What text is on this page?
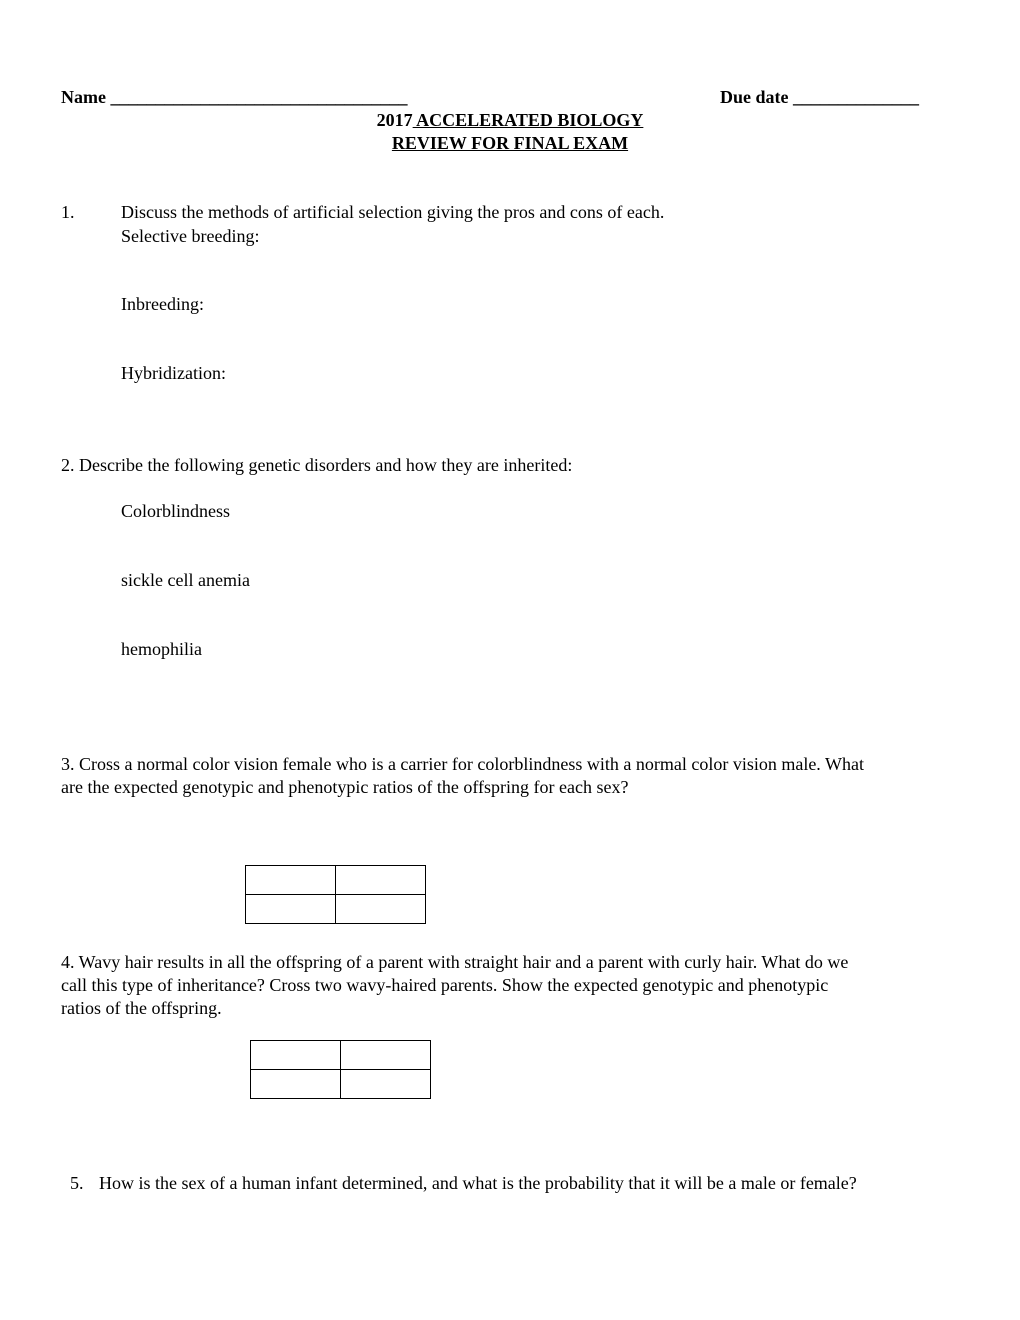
Name _________________________________	Due date ______________
2017 ACCELERATED BIOLOGY
REVIEW FOR FINAL EXAM
1.	Discuss the methods of artificial selection giving the pros and cons of each.
Selective breeding:
Inbreeding:
Hybridization:
2. Describe the following genetic disorders and how they are inherited:
Colorblindness
sickle cell anemia
hemophilia
3. Cross a normal color vision female who is a carrier for colorblindness with a normal color vision male. What
are the expected genotypic and phenotypic ratios of the offspring for each sex?

4. Wavy hair results in all the offspring of a parent with straight hair and a parent with curly hair. What do we
call this type of inheritance? Cross two wavy-haired parents. Show the expected genotypic and phenotypic
ratios of the offspring.

5. How is the sex of a human infant determined, and what is the probability that it will be a male or female?
